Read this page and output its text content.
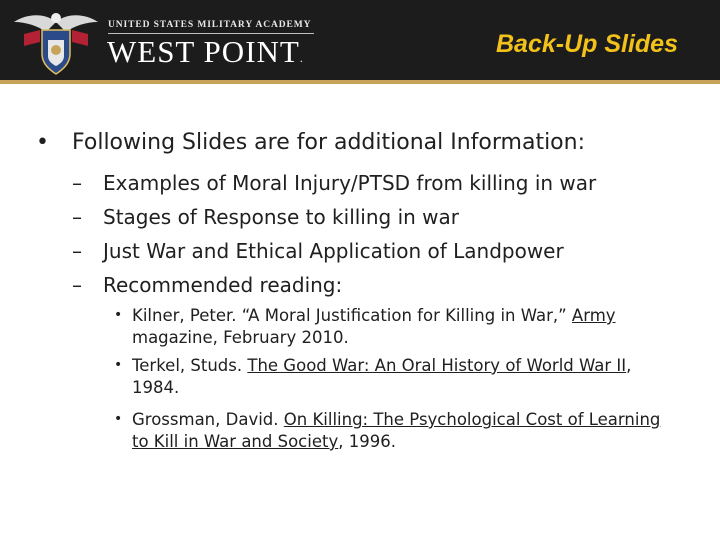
UNITED STATES MILITARY ACADEMY
WEST POINT.	Back-Up Slides
• Following Slides are for additional Information:
– Examples of Moral Injury/PTSD from killing in war
– Stages of Response to killing in war
– Just War and Ethical Application of Landpower
– Recommended reading:
• Kilner, Peter. “A Moral Justification for Killing in War,” Army magazine, February 2010.
• Terkel, Studs. The Good War: An Oral History of World War II, 1984.
• Grossman, David. On Killing: The Psychological Cost of Learning to Kill in War and Society, 1996.
